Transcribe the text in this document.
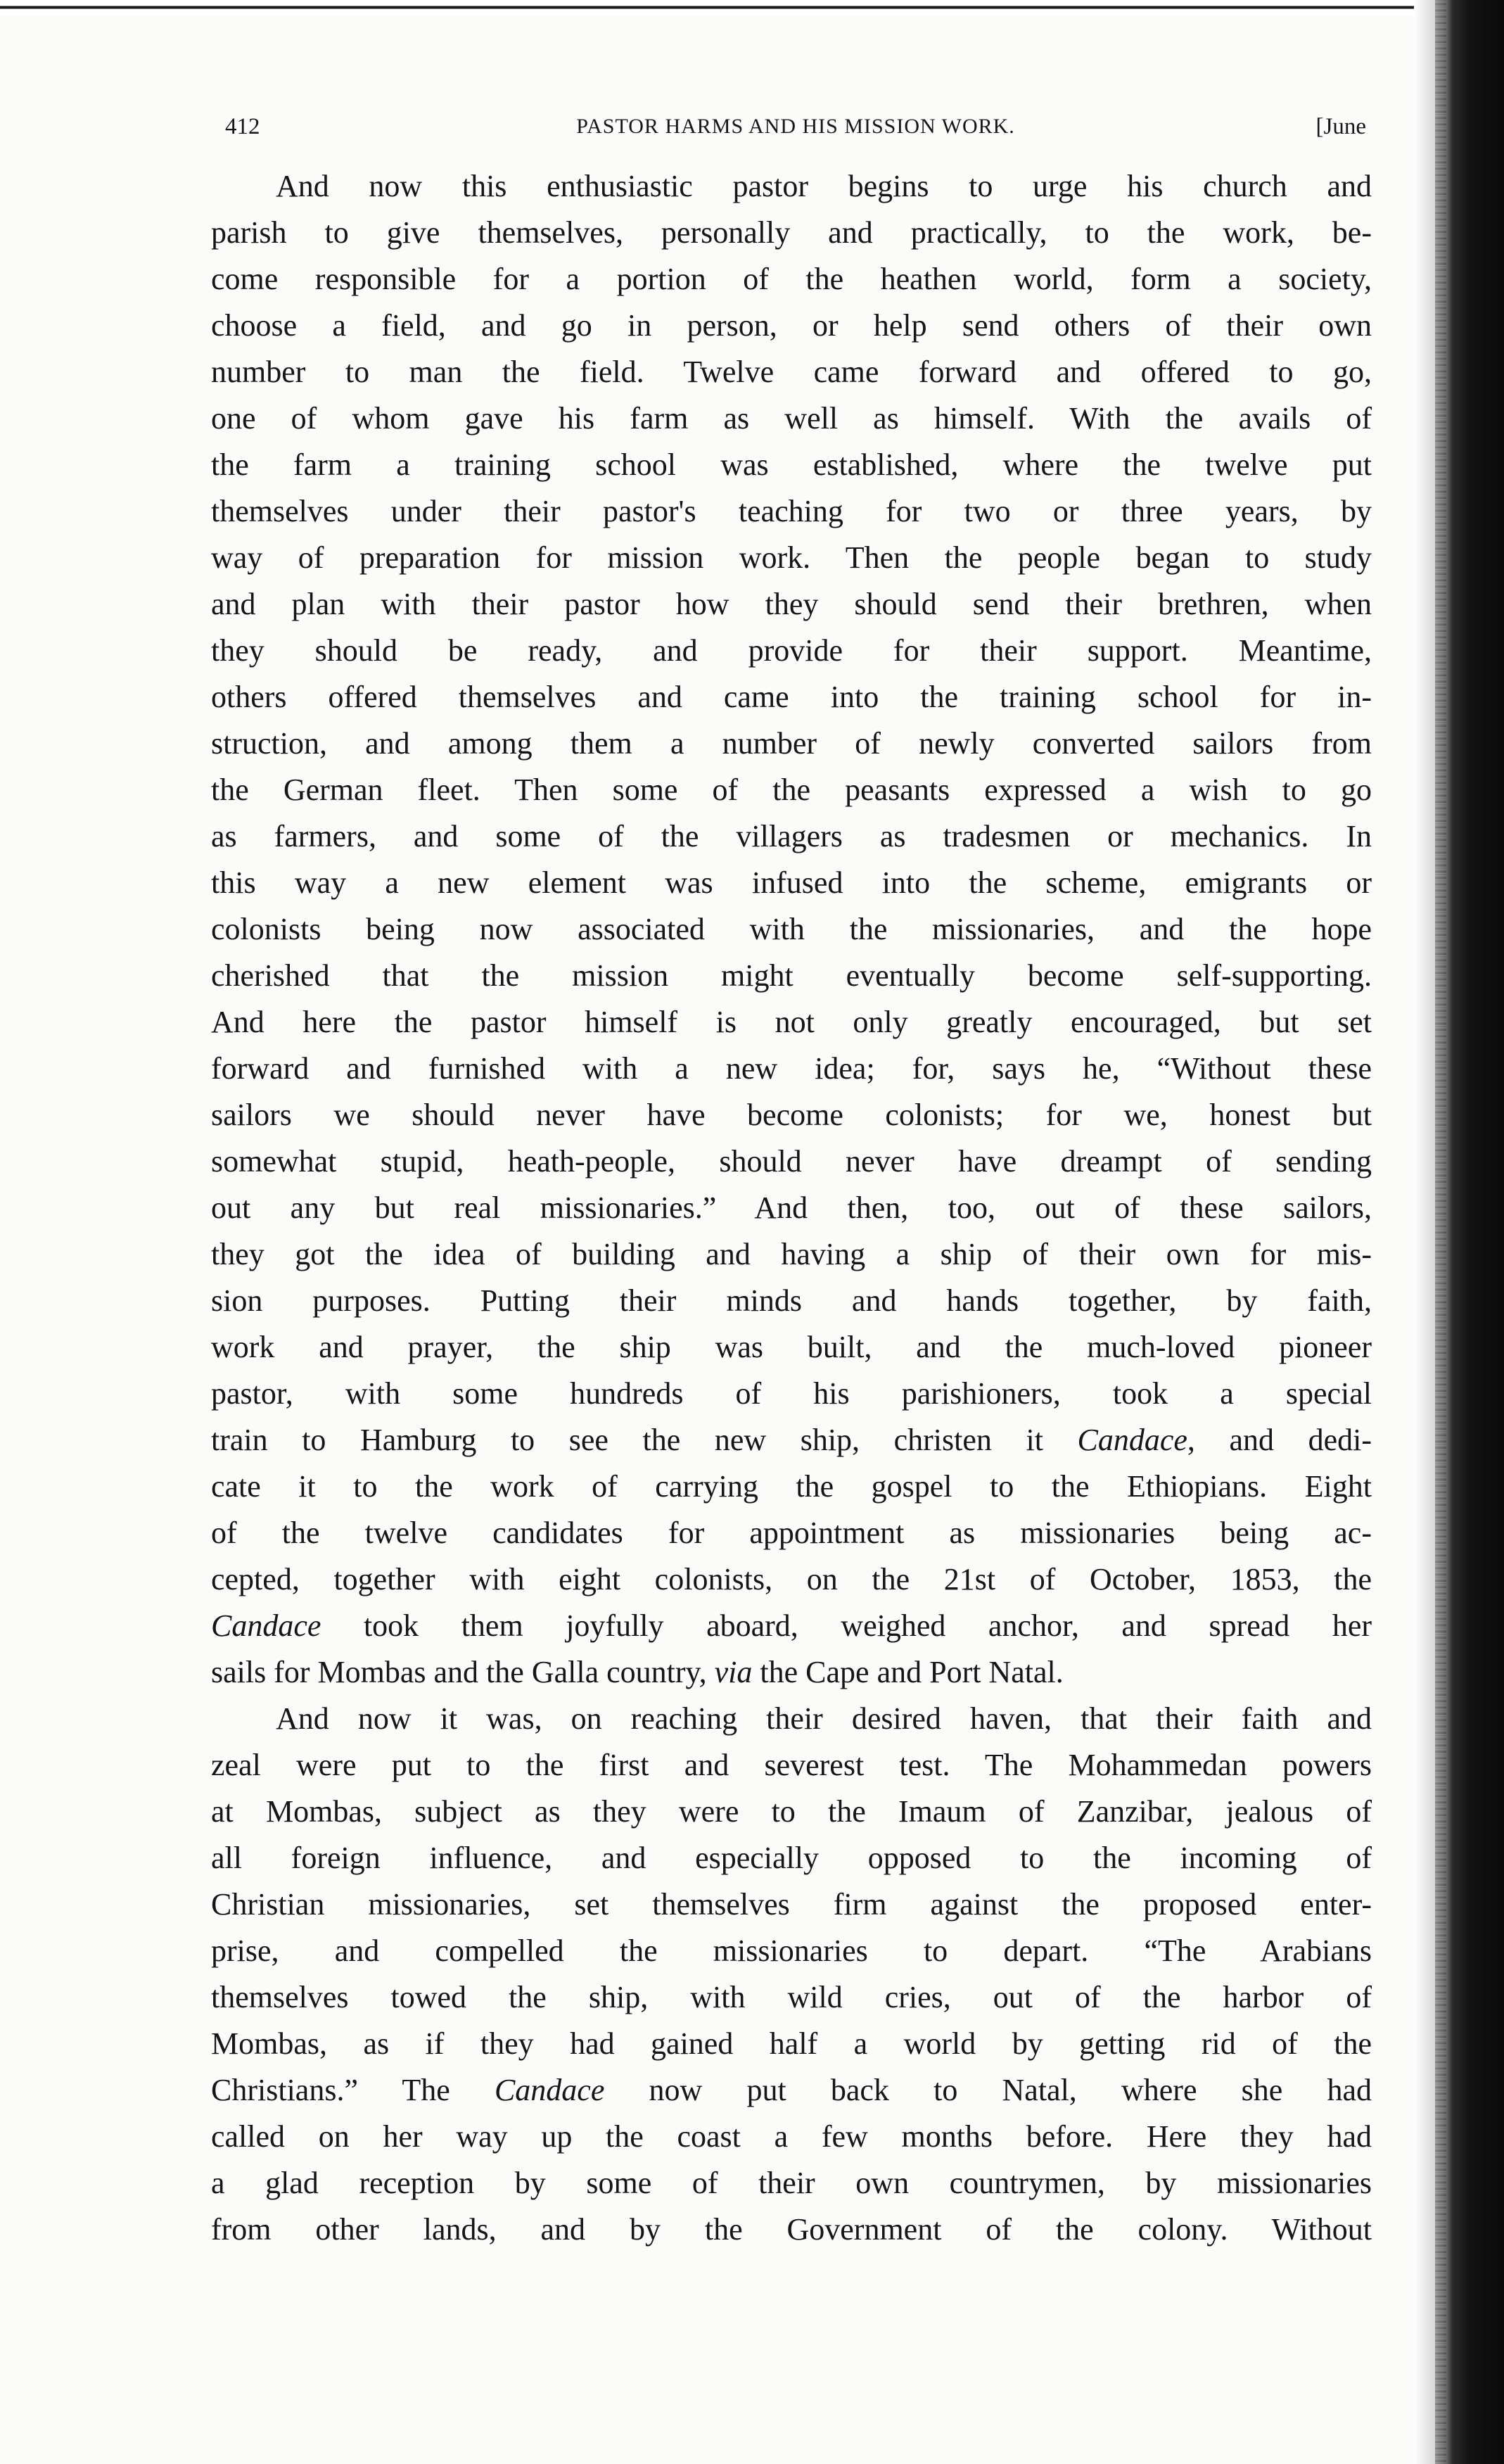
412	PASTOR HARMS AND HIS MISSION WORK.	[June
And now this enthusiastic pastor begins to urge his church and
parish to give themselves, personally and practically, to the work, be-
come responsible for a portion of the heathen world, form a society,
choose a field, and go in person, or help send others of their own
number to man the field. Twelve came forward and offered to go,
one of whom gave his farm as well as himself. With the avails of
the farm a training school was established, where the twelve put
themselves under their pastor's teaching for two or three years, by
way of preparation for mission work. Then the people began to study
and plan with their pastor how they should send their brethren, when
they should be ready, and provide for their support. Meantime,
others offered themselves and came into the training school for in-
struction, and among them a number of newly converted sailors from
the German fleet. Then some of the peasants expressed a wish to go
as farmers, and some of the villagers as tradesmen or mechanics. In
this way a new element was infused into the scheme, emigrants or
colonists being now associated with the missionaries, and the hope
cherished that the mission might eventually become self-supporting.
And here the pastor himself is not only greatly encouraged, but set
forward and furnished with a new idea; for, says he, “Without these
sailors we should never have become colonists; for we, honest but
somewhat stupid, heath-people, should never have dreampt of sending
out any but real missionaries.” And then, too, out of these sailors,
they got the idea of building and having a ship of their own for mis-
sion purposes. Putting their minds and hands together, by faith,
work and prayer, the ship was built, and the much-loved pioneer
pastor, with some hundreds of his parishioners, took a special
train to Hamburg to see the new ship, christen it Candace, and dedi-
cate it to the work of carrying the gospel to the Ethiopians. Eight
of the twelve candidates for appointment as missionaries being ac-
cepted, together with eight colonists, on the 21st of October, 1853, the
Candace took them joyfully aboard, weighed anchor, and spread her
sails for Mombas and the Galla country, via the Cape and Port Natal.
And now it was, on reaching their desired haven, that their faith and
zeal were put to the first and severest test. The Mohammedan powers
at Mombas, subject as they were to the Imaum of Zanzibar, jealous of
all foreign influence, and especially opposed to the incoming of
Christian missionaries, set themselves firm against the proposed enter-
prise, and compelled the missionaries to depart. “The Arabians
themselves towed the ship, with wild cries, out of the harbor of
Mombas, as if they had gained half a world by getting rid of the
Christians.” The Candace now put back to Natal, where she had
called on her way up the coast a few months before. Here they had
a glad reception by some of their own countrymen, by missionaries
from other lands, and by the Government of the colony. Without
